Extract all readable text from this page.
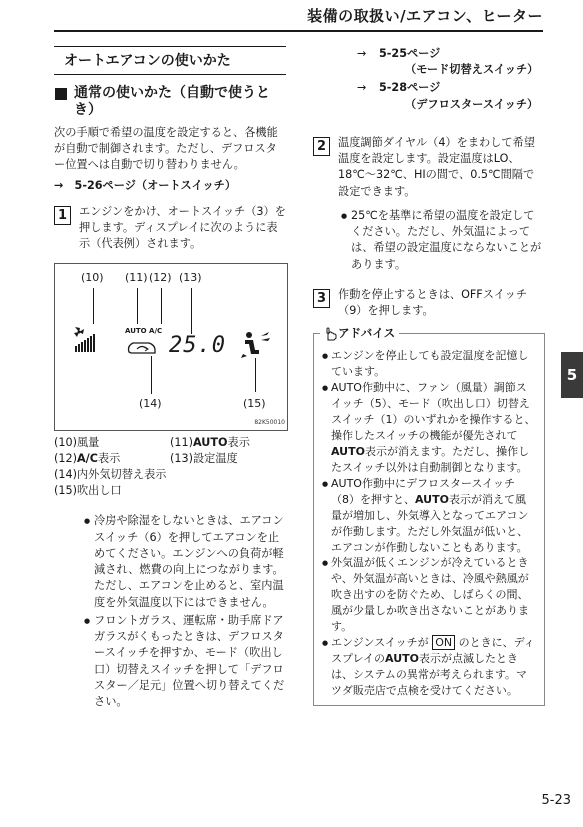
装備の取扱い/エアコン、ヒーター
オートエアコンの使いかた
通常の使いかた（自動で使うとき）

次の手順で希望の温度を設定すると、各機能が自動で制御されます。ただし、デフロスター位置へは自動で切り替わりません。

→　5-26ページ（オートスイッチ）

1	エンジンをかけ、オートスイッチ（3）を押します。ディスプレイに次のように表示（代表例）されます。
(10) (11) (12) (13)
AUTO A/C
25.0
(14)	(15)
82K50010
(10)風量	(11)AUTO表示
(12)A/C表示	(13)設定温度
(14)内外気切替え表示
(15)吹出し口
● 冷房や除湿をしないときは、エアコンスイッチ（6）を押してエアコンを止めてください。エンジンへの負荷が軽減され、燃費の向上につながります。ただし、エアコンを止めると、室内温度を外気温度以下にはできません。
● フロントガラス、運転席・助手席ドアガラスがくもったときは、デフロスタースイッチを押すか、モード（吹出し口）切替えスイッチを押して「デフロスター／足元」位置へ切り替えてください。
→	5-25ページ
（モード切替えスイッチ）
→	5-28ページ
（デフロスタースイッチ）
2	温度調節ダイヤル（4）をまわして希望温度を設定します。設定温度はLO、18℃〜32℃、HIの間で、0.5℃間隔で設定できます。
● 25℃を基準に希望の温度を設定してください。ただし、外気温によっては、希望の設定温度にならないことがあります。
3	作動を停止するときは、OFFスイッチ（9）を押します。
アドバイス
● エンジンを停止しても設定温度を記憶しています。
● AUTO作動中に、ファン（風量）調節スイッチ（5）、モード（吹出し口）切替えスイッチ（1）のいずれかを操作すると、操作したスイッチの機能が優先されてAUTO表示が消えます。ただし、操作したスイッチ以外は自動制御となります。
● AUTO作動中にデフロスタースイッチ（8）を押すと、AUTO表示が消えて風量が増加し、外気導入となってエアコンが作動します。ただし外気温が低いと、エアコンが作動しないこともあります。
● 外気温が低くエンジンが冷えているときや、外気温が高いときは、冷風や熱風が吹き出すのを防ぐため、しばらくの間、風が少量しか吹き出さないことがあります。
● エンジンスイッチが ON のときに、ディスプレイのAUTO表示が点滅したときは、システムの異常が考えられます。マツダ販売店で点検を受けてください。
5
5-23
